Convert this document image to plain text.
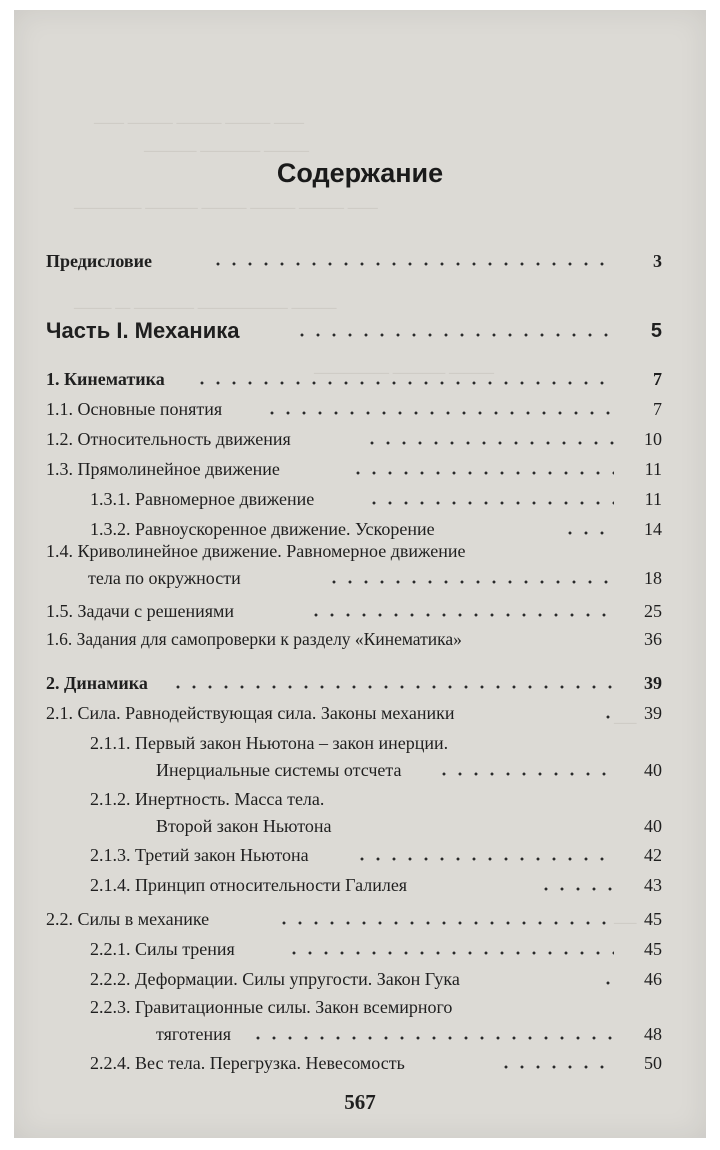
____ ______ ______ ______ ____
_______ ________ ______
_________ _______ ______ ______ ______ ____
_____ __ ________ ____________ ______
__________ _______ ______
___
___
Содержание
Предисловие	3
Часть I. Механика	5
1. Кинематика	7
1.1. Основные понятия	7
1.2. Относительность движения	10
1.3. Прямолинейное движение	11
1.3.1. Равномерное движение	11
1.3.2. Равноускоренное движение. Ускорение	14
1.4. Криволинейное движение. Равномерное движение
тела по окружности	18
1.5. Задачи с решениями	25
1.6. Задания для самопроверки к разделу «Кинематика»	36
2. Динамика	39
2.1. Сила. Равнодействующая сила. Законы механики	39
2.1.1. Первый закон Ньютона – закон инерции.
Инерциальные системы отсчета	40
2.1.2. Инертность. Масса тела.
Второй закон Ньютона	40
2.1.3. Третий закон Ньютона	42
2.1.4. Принцип относительности Галилея	43
2.2. Силы в механике	45
2.2.1. Силы трения	45
2.2.2. Деформации. Силы упругости. Закон Гука	46
2.2.3. Гравитационные силы. Закон всемирного
тяготения	48
2.2.4. Вес тела. Перегрузка. Невесомость	50
567
